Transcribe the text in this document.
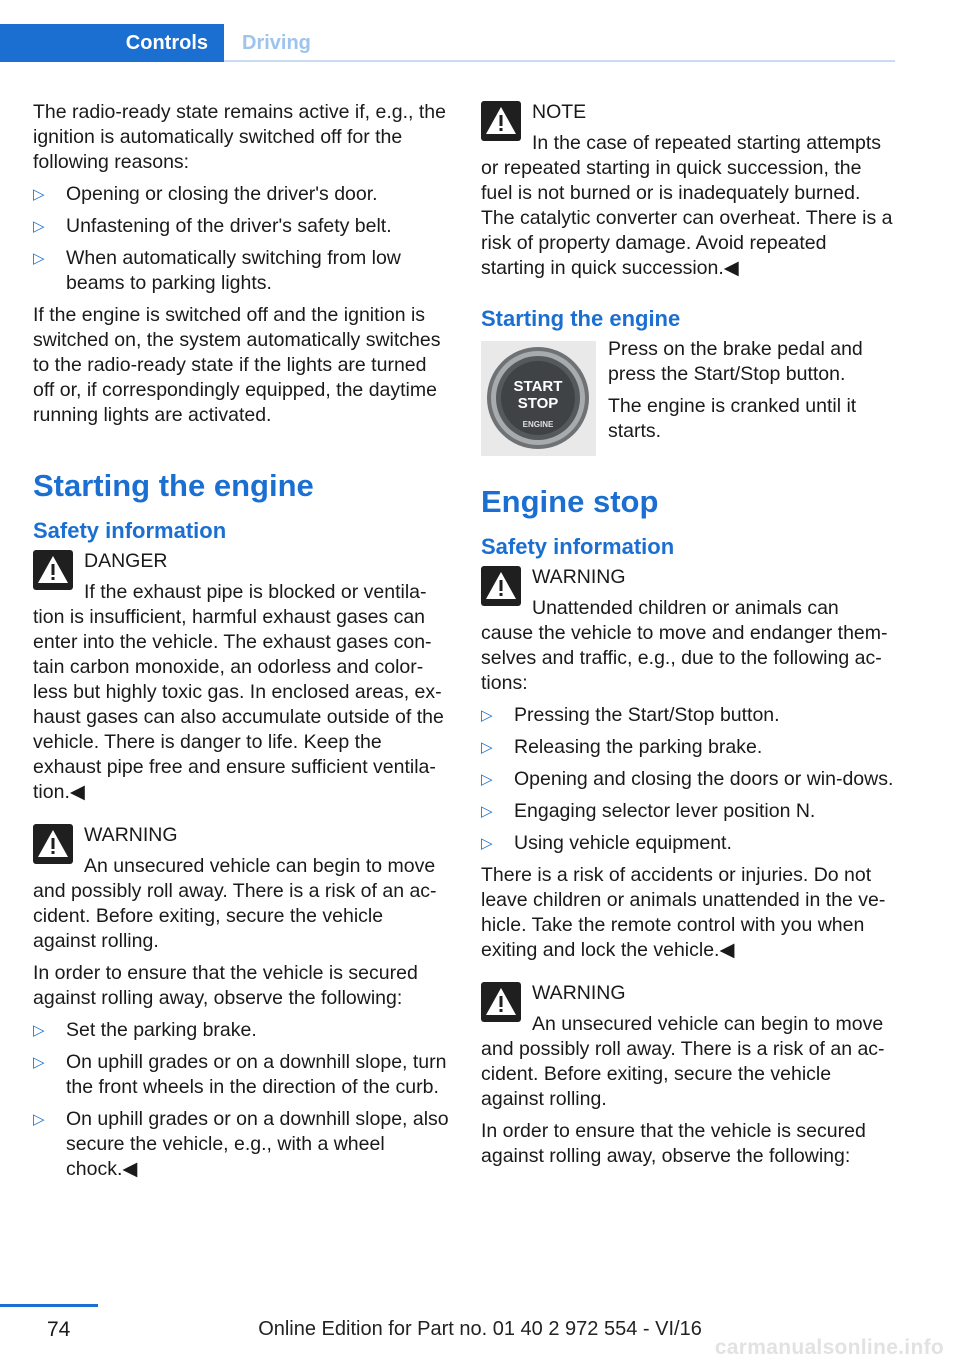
Controls	Driving

The radio-ready state remains active if, e.g., the ignition is automatically switched off for the following reasons:

▷ Opening or closing the driver's door.
▷ Unfastening of the driver's safety belt.
▷ When automatically switching from low beams to parking lights.

If the engine is switched off and the ignition is switched on, the system automatically switches to the radio-ready state if the lights are turned off or, if correspondingly equipped, the daytime running lights are activated.

Starting the engine
Safety information
DANGER
If the exhaust pipe is blocked or ventila‐tion is insufficient, harmful exhaust gases can enter into the vehicle. The exhaust gases con‐tain carbon monoxide, an odorless and color‐less but highly toxic gas. In enclosed areas, ex‐haust gases can also accumulate outside of the vehicle. There is danger to life. Keep the exhaust pipe free and ensure sufficient ventila‐tion.◀
WARNING
An unsecured vehicle can begin to move and possibly roll away. There is a risk of an ac‐cident. Before exiting, secure the vehicle against rolling.

In order to ensure that the vehicle is secured against rolling away, observe the following:

▷ Set the parking brake.
▷ On uphill grades or on a downhill slope, turn the front wheels in the direction of the curb.
▷ On uphill grades or on a downhill slope, also secure the vehicle, e.g., with a wheel chock.◀
NOTE
In the case of repeated starting attempts or repeated starting in quick succession, the fuel is not burned or is inadequately burned. The catalytic converter can overheat. There is a risk of property damage. Avoid repeated starting in quick succession.◀
Starting the engine
START
STOP
ENGINE

Press on the brake pedal and press the Start/Stop button.

The engine is cranked until it starts.

Engine stop
Safety information
WARNING
Unattended children or animals can cause the vehicle to move and endanger them‐selves and traffic, e.g., due to the following ac‐tions:
▷ Pressing the Start/Stop button.
▷ Releasing the parking brake.
▷ Opening and closing the doors or win‐dows.
▷ Engaging selector lever position N.
▷ Using vehicle equipment.

There is a risk of accidents or injuries. Do not leave children or animals unattended in the ve‐hicle. Take the remote control with you when exiting and lock the vehicle.◀

WARNING
An unsecured vehicle can begin to move and possibly roll away. There is a risk of an ac‐cident. Before exiting, secure the vehicle against rolling.

In order to ensure that the vehicle is secured against rolling away, observe the following:

74	Online Edition for Part no. 01 40 2 972 554 - VI/16
carmanualsonline.info
